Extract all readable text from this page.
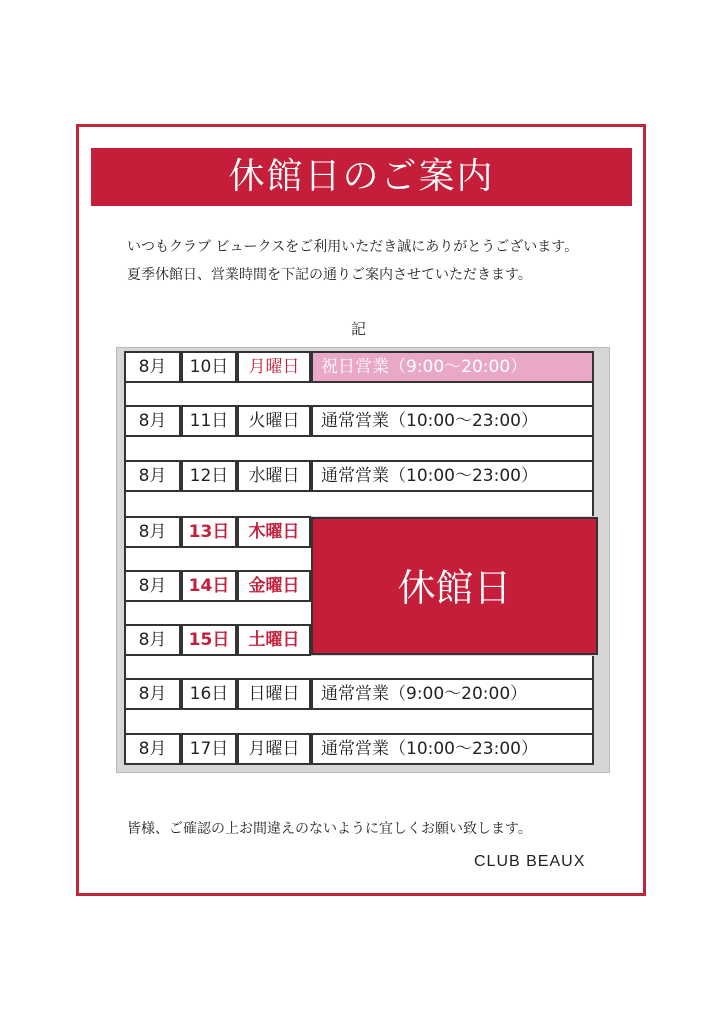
休館日のご案内
いつもクラブ ビュークスをご利用いただき誠にありがとうございます。
夏季休館日、営業時間を下記の通りご案内させていただきます。
記
8月	10日	月曜日	祝日営業（9:00〜20:00）
8月	11日	火曜日	通常営業（10:00〜23:00）
8月	12日	水曜日	通常営業（10:00〜23:00）
8月	13日	木曜日
8月	14日	金曜日
8月	15日	土曜日
休館日
8月	16日	日曜日	通常営業（9:00〜20:00）
8月	17日	月曜日	通常営業（10:00〜23:00）
皆様、ご確認の上お間違えのないように宜しくお願い致します。
CLUB BEAUX
